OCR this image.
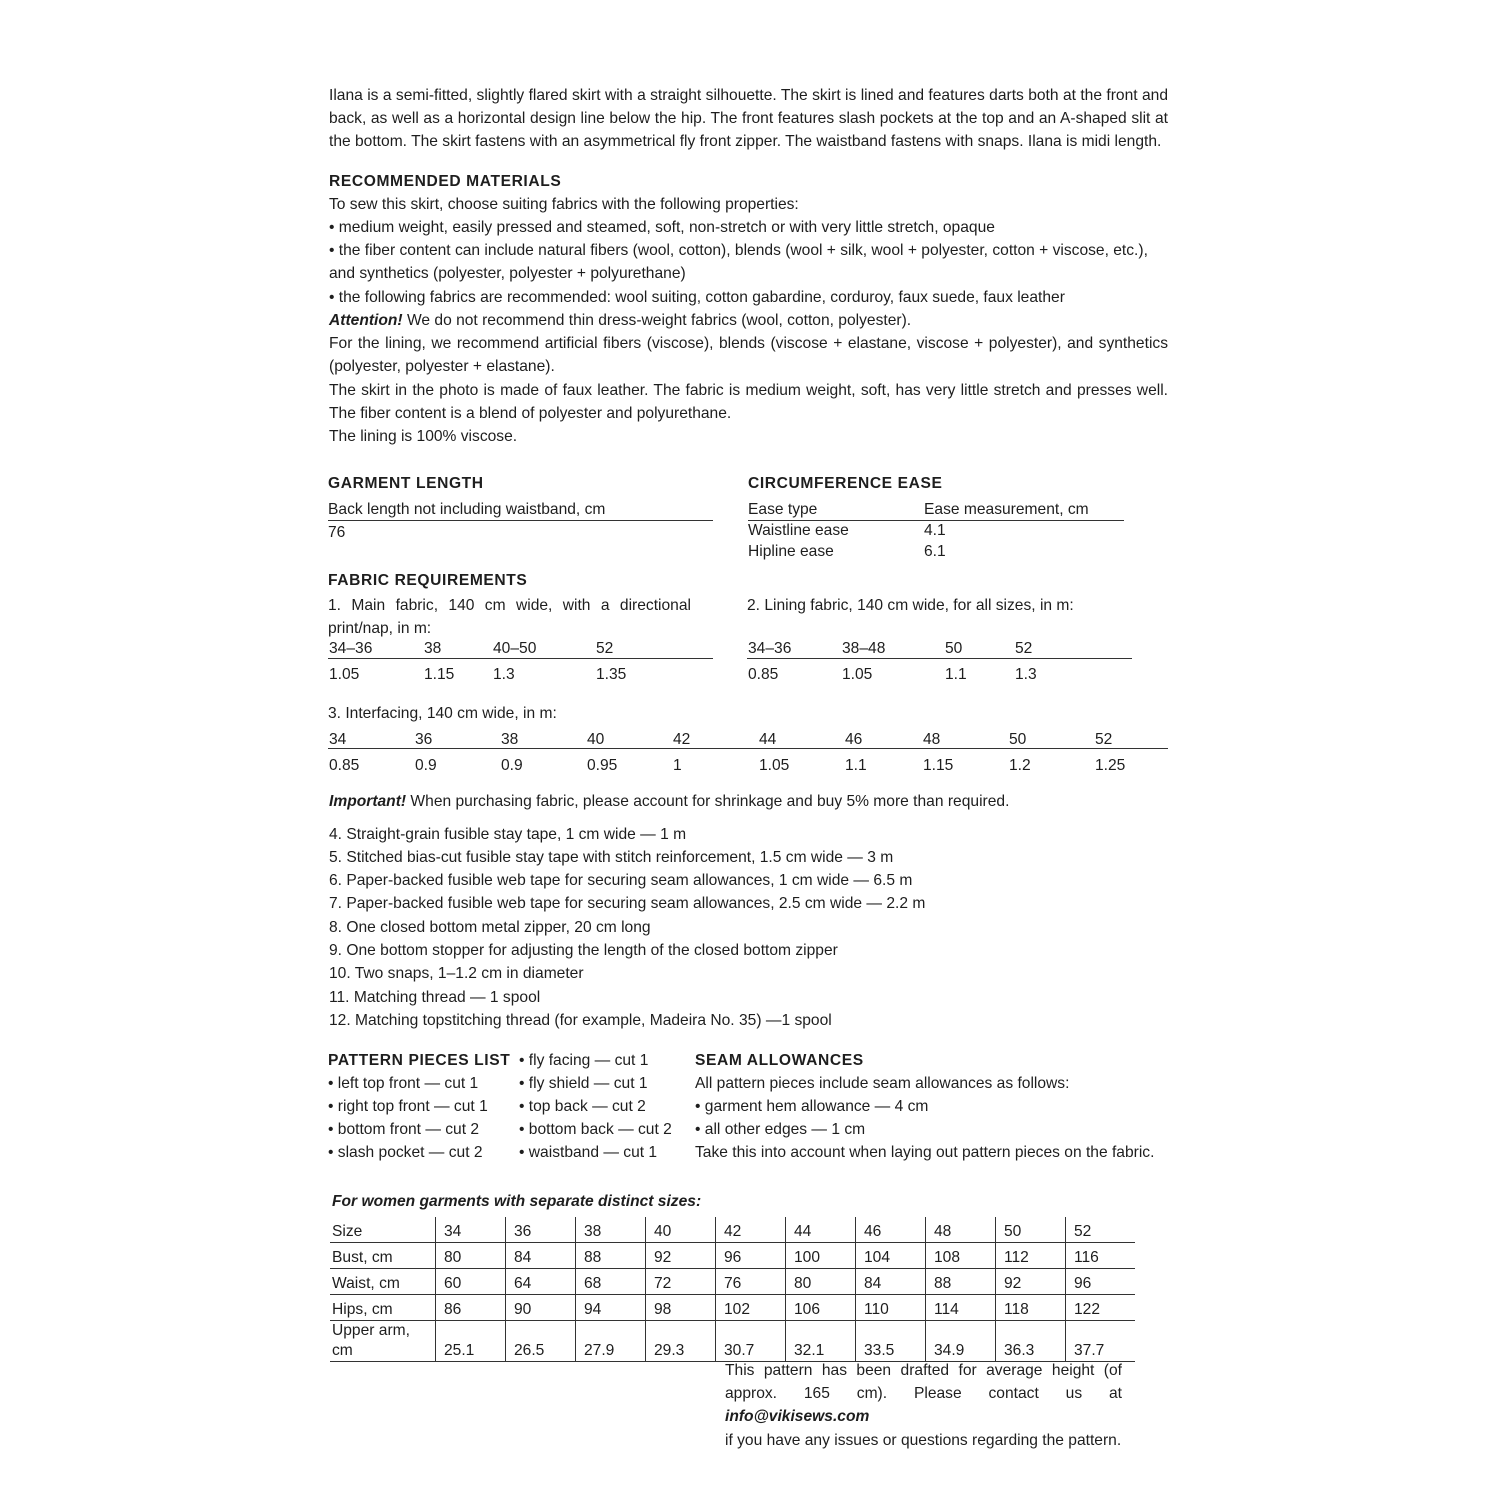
Ilana is a semi-fitted, slightly flared skirt with a straight silhouette. The skirt is lined and features darts both at the front and back, as well as a horizontal design line below the hip. The front features slash pockets at the top and an A-shaped slit at the bottom. The skirt fastens with an asymmetrical fly front zipper. The waistband fastens with snaps. Ilana is midi length.
RECOMMENDED MATERIALS
To sew this skirt, choose suiting fabrics with the following properties:
• medium weight, easily pressed and steamed, soft, non-stretch or with very little stretch, opaque
• the fiber content can include natural fibers (wool, cotton), blends (wool + silk, wool + polyester, cotton + viscose, etc.), and synthetics (polyester, polyester + polyurethane)
• the following fabrics are recommended: wool suiting, cotton gabardine, corduroy, faux suede, faux leather
Attention! We do not recommend thin dress-weight fabrics (wool, cotton, polyester).
For the lining, we recommend artificial fibers (viscose), blends (viscose + elastane, viscose + polyester), and synthetics (polyester, polyester + elastane).
The skirt in the photo is made of faux leather. The fabric is medium weight, soft, has very little stretch and presses well. The fiber content is a blend of polyester and polyurethane.
The lining is 100% viscose.
GARMENT LENGTH
Back length not including waistband, cm
76
CIRCUMFERENCE EASE
Ease type	Ease measurement, cm
Waistline ease	4.1
Hipline ease	6.1
FABRIC REQUIREMENTS
1. Main fabric, 140 cm wide, with a directional print/nap, in m:
34–36	38	40–50	52
1.05	1.15 1.3	1.35
2. Lining fabric, 140 cm wide, for all sizes, in m:
34–36	38–48	50	52
0.85	1.05	1.1	1.3
3. Interfacing, 140 cm wide, in m:
34	36	38	40	42	44	46	48	50	52
0.85	0.9	0.9	0.95	1	1.05	1.1	1.15	1.2	1.25
Important! When purchasing fabric, please account for shrinkage and buy 5% more than required.
4. Straight-grain fusible stay tape, 1 cm wide — 1 m
5. Stitched bias-cut fusible stay tape with stitch reinforcement, 1.5 cm wide — 3 m
6. Paper-backed fusible web tape for securing seam allowances, 1 cm wide — 6.5 m
7. Paper-backed fusible web tape for securing seam allowances, 2.5 cm wide — 2.2 m
8. One closed bottom metal zipper, 20 cm long
9. One bottom stopper for adjusting the length of the closed bottom zipper
10. Two snaps, 1–1.2 cm in diameter
11. Matching thread — 1 spool
12. Matching topstitching thread (for example, Madeira No. 35) —1 spool
PATTERN PIECES LIST
• left top front — cut 1
• right top front — cut 1
• bottom front — cut 2
• slash pocket — cut 2
• fly facing — cut 1
• fly shield — cut 1
• top back — cut 2
• bottom back — cut 2
• waistband — cut 1
SEAM ALLOWANCES
All pattern pieces include seam allowances as follows:
• garment hem allowance — 4 cm
• all other edges — 1 cm
Take this into account when laying out pattern pieces on the fabric.
For women garments with separate distinct sizes:
Size	34	36	38	40	42	44	46	48	50	52
Bust, cm	80	84	88	92	96	100	104	108	112	116
Waist, cm	60	64	68	72	76	80	84	88	92	96
Hips, cm	86	90	94	98	102	106	110	114	118	122
Upper arm, cm	25.1	26.5	27.9	29.3	30.7	32.1	33.5	34.9	36.3	37.7
This pattern has been drafted for average height (of approx. 165 cm). Please contact us at info@vikisews.com
if you have any issues or questions regarding the pattern.
